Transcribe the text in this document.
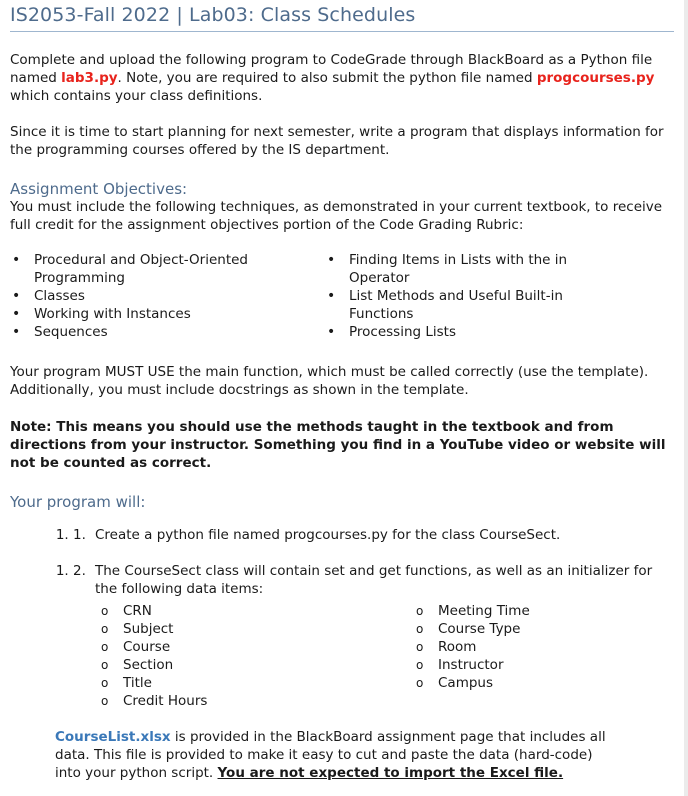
IS2053-Fall 2022 | Lab03: Class Schedules

Complete and upload the following program to CodeGrade through BlackBoard as a Python file named lab3.py. Note, you are required to also submit the python file named progcourses.py which contains your class definitions.

Since it is time to start planning for next semester, write a program that displays information for the programming courses offered by the IS department.

Assignment Objectives:

You must include the following techniques, as demonstrated in your current textbook, to receive full credit for the assignment objectives portion of the Code Grading Rubric:

• Procedural and Object-Oriented Programming
• Classes
• Working with Instances
• Sequences
• Finding Items in Lists with the in Operator
• List Methods and Useful Built-in Functions
• Processing Lists

Your program MUST USE the main function, which must be called correctly (use the template). Additionally, you must include docstrings as shown in the template.

Note: This means you should use the methods taught in the textbook and from directions from your instructor. Something you find in a YouTube video or website will not be counted as correct.

Your program will:
1. 1. Create a python file named progcourses.py for the class CourseSect.
1. 2. The CourseSect class will contain set and get functions, as well as an initializer for the following data items:
o CRN
o Subject
o Course
o Section
o Title
o Credit Hours
o Meeting Time
o Course Type
o Room
o Instructor
o Campus

CourseList.xlsx is provided in the BlackBoard assignment page that includes all data. This file is provided to make it easy to cut and paste the data (hard-code) into your python script. You are not expected to import the Excel file.
